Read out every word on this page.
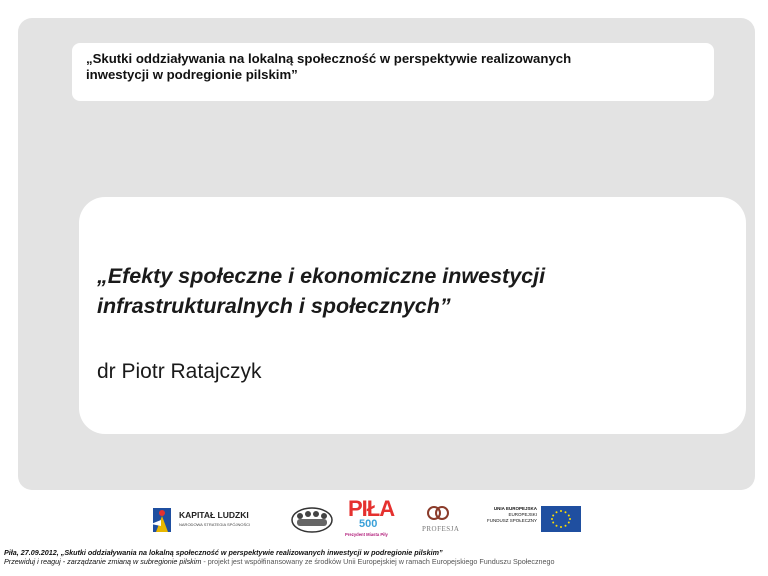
„Skutki oddziaływania na lokalną społeczność w perspektywie realizowanych
inwestycji w podregionie pilskim”
„Efekty społeczne i ekonomiczne inwestycji
infrastrukturalnych i społecznych”
dr Piotr Ratajczyk
KAPITAŁ LUDZKI
NARODOWA STRATEGIA SPÓJNOŚCI
PIŁA
500
Prezydent Miasta Piły
PROFESJA
UNIA EUROPEJSKA
EUROPEJSKI
FUNDUSZ SPOŁECZNY
Piła, 27.09.2012, „Skutki oddziaływania na lokalną społeczność w perspektywie realizowanych inwestycji w podregionie pilskim”
Przewiduj i reaguj - zarządzanie zmianą w subregionie pilskim - projekt jest współfinansowany ze środków Unii Europejskiej w ramach Europejskiego Funduszu Społecznego
